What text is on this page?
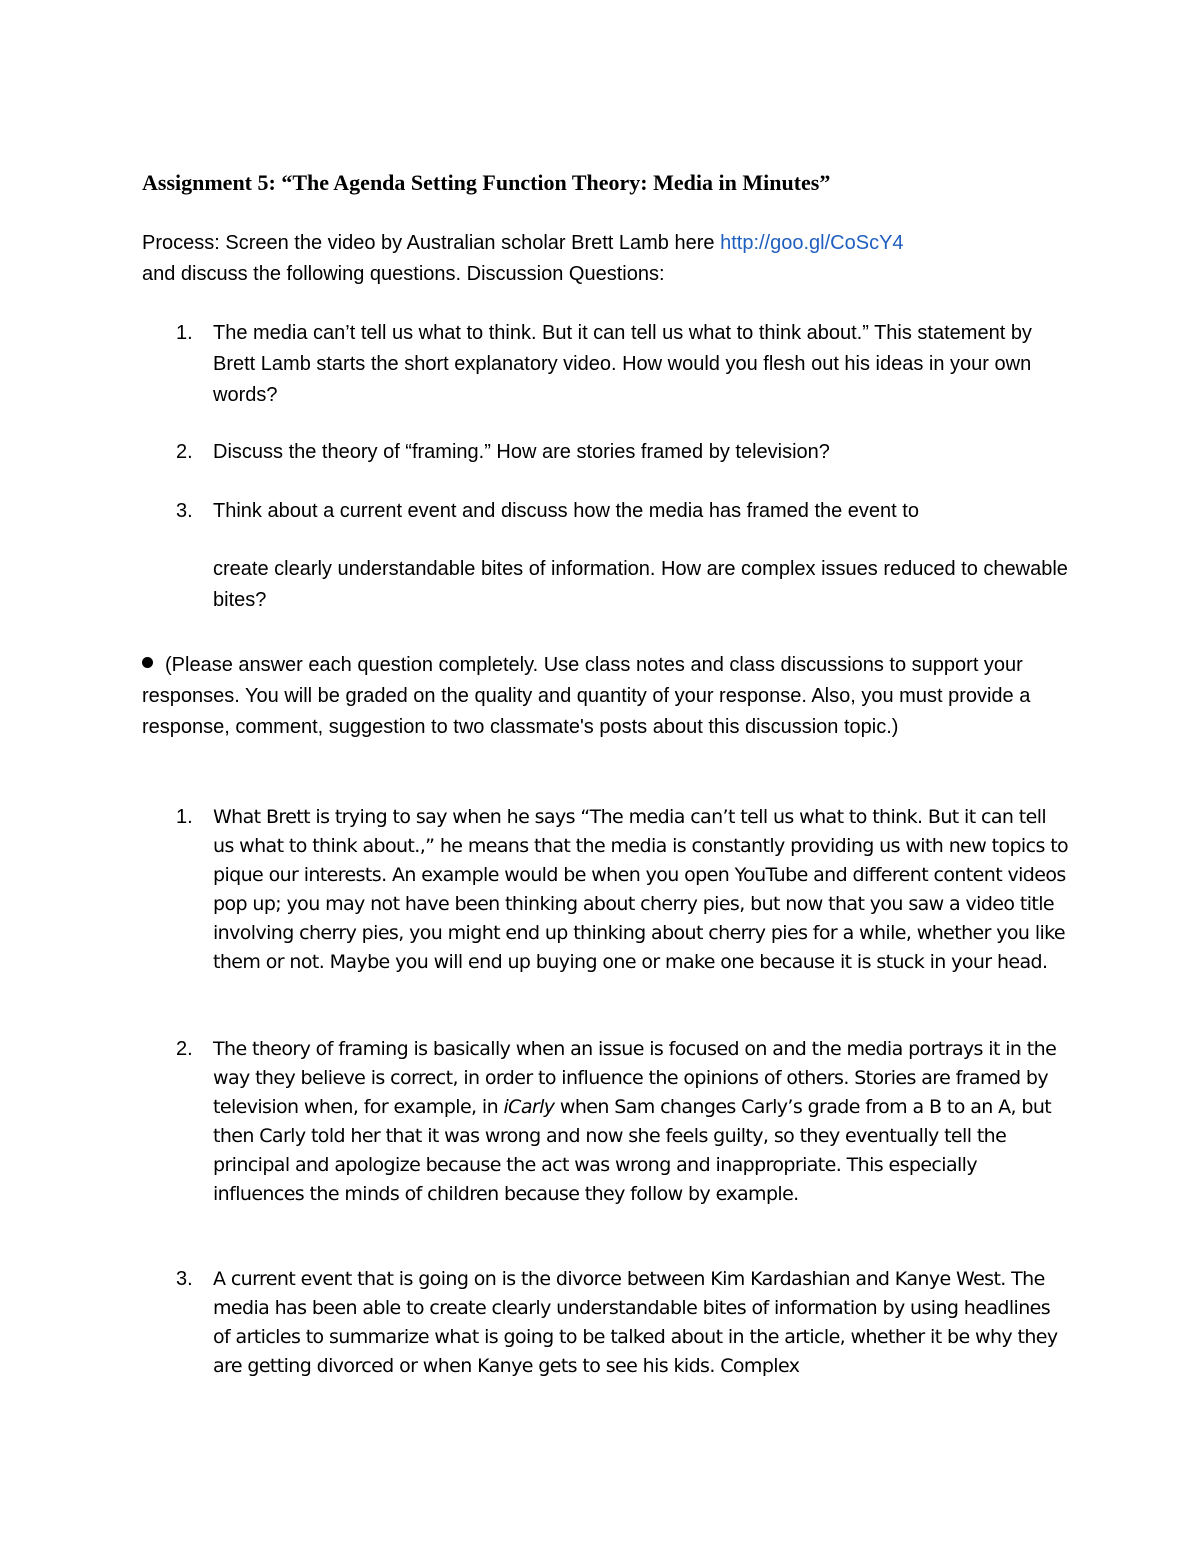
Assignment 5: “The Agenda Setting Function Theory: Media in Minutes”

Process: Screen the video by Australian scholar Brett Lamb here http://goo.gl/CoScY4
and discuss the following questions. Discussion Questions:

1. The media can’t tell us what to think. But it can tell us what to think about.” This statement by Brett Lamb starts the short explanatory video. How would you flesh out his ideas in your own words?
2. Discuss the theory of “framing.” How are stories framed by television?
3. Think about a current event and discuss how the media has framed the event to
create clearly understandable bites of information. How are complex issues reduced to chewable bites?

(Please answer each question completely. Use class notes and class discussions to support your responses. You will be graded on the quality and quantity of your response. Also, you must provide a response, comment, suggestion to two classmate's posts about this discussion topic.)

1. What Brett is trying to say when he says “The media can’t tell us what to think. But it can tell us what to think about.,” he means that the media is constantly providing us with new topics to pique our interests. An example would be when you open YouTube and different content videos pop up; you may not have been thinking about cherry pies, but now that you saw a video title involving cherry pies, you might end up thinking about cherry pies for a while, whether you like them or not. Maybe you will end up buying one or make one because it is stuck in your head.
2. The theory of framing is basically when an issue is focused on and the media portrays it in the way they believe is correct, in order to influence the opinions of others. Stories are framed by television when, for example, in iCarly when Sam changes Carly’s grade from a B to an A, but then Carly told her that it was wrong and now she feels guilty, so they eventually tell the principal and apologize because the act was wrong and inappropriate. This especially influences the minds of children because they follow by example.
3. A current event that is going on is the divorce between Kim Kardashian and Kanye West. The media has been able to create clearly understandable bites of information by using headlines of articles to summarize what is going to be talked about in the article, whether it be why they are getting divorced or when Kanye gets to see his kids. Complex
